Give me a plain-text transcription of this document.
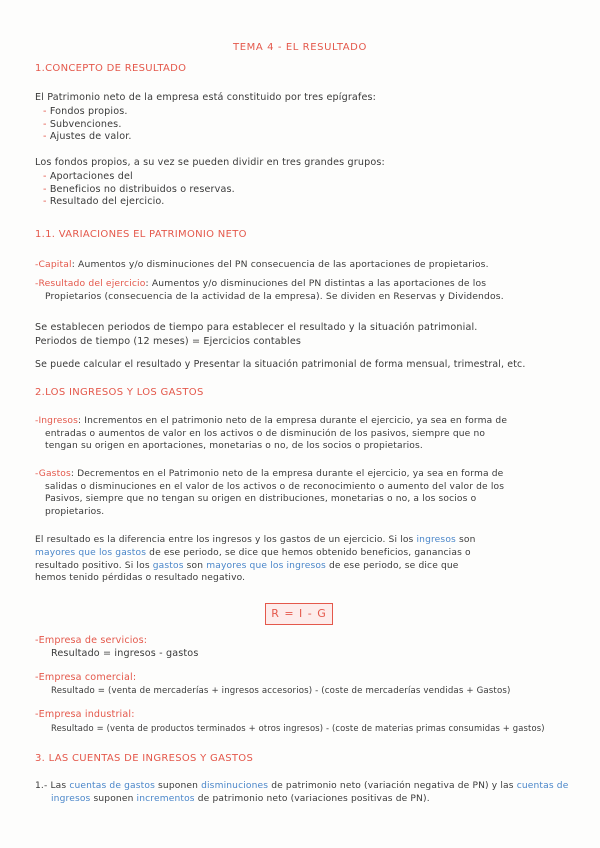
TEMA 4 - EL RESULTADO
1.CONCEPTO DE RESULTADO
El Patrimonio neto de la empresa está constituido por tres epígrafes:
- Fondos propios.
- Subvenciones.
- Ajustes de valor.
Los fondos propios, a su vez se pueden dividir en tres grandes grupos:
- Aportaciones del
- Beneficios no distribuidos o reservas.
- Resultado del ejercicio.
1.1. VARIACIONES EL PATRIMONIO NETO
-Capital: Aumentos y/o disminuciones del PN consecuencia de las aportaciones de propietarios.
-Resultado del ejercicio: Aumentos y/o disminuciones del PN distintas a las aportaciones de los
Propietarios (consecuencia de la actividad de la empresa). Se dividen en Reservas y Dividendos.
Se establecen periodos de tiempo para establecer el resultado y la situación patrimonial.
Periodos de tiempo (12 meses) = Ejercicios contables
Se puede calcular el resultado y Presentar la situación patrimonial de forma mensual, trimestral, etc.
2.LOS INGRESOS Y LOS GASTOS
-Ingresos: Incrementos en el patrimonio neto de la empresa durante el ejercicio, ya sea en forma de
entradas o aumentos de valor en los activos o de disminución de los pasivos, siempre que no
tengan su origen en aportaciones, monetarias o no, de los socios o propietarios.
-Gastos: Decrementos en el Patrimonio neto de la empresa durante el ejercicio, ya sea en forma de
salidas o disminuciones en el valor de los activos o de reconocimiento o aumento del valor de los
Pasivos, siempre que no tengan su origen en distribuciones, monetarias o no, a los socios o
propietarios.
El resultado es la diferencia entre los ingresos y los gastos de un ejercicio. Si los ingresos son
mayores que los gastos de ese periodo, se dice que hemos obtenido beneficios, ganancias o
resultado positivo. Si los gastos son mayores que los ingresos de ese periodo, se dice que
hemos tenido pérdidas o resultado negativo.
R = I - G
-Empresa de servicios:
Resultado = ingresos - gastos
-Empresa comercial:
Resultado = (venta de mercaderías + ingresos accesorios) - (coste de mercaderías vendidas + Gastos)
-Empresa industrial:
Resultado = (venta de productos terminados + otros ingresos) - (coste de materias primas consumidas + gastos)
3. LAS CUENTAS DE INGRESOS Y GASTOS
1.- Las cuentas de gastos suponen disminuciones de patrimonio neto (variación negativa de PN) y las cuentas de
ingresos suponen incrementos de patrimonio neto (variaciones positivas de PN).
